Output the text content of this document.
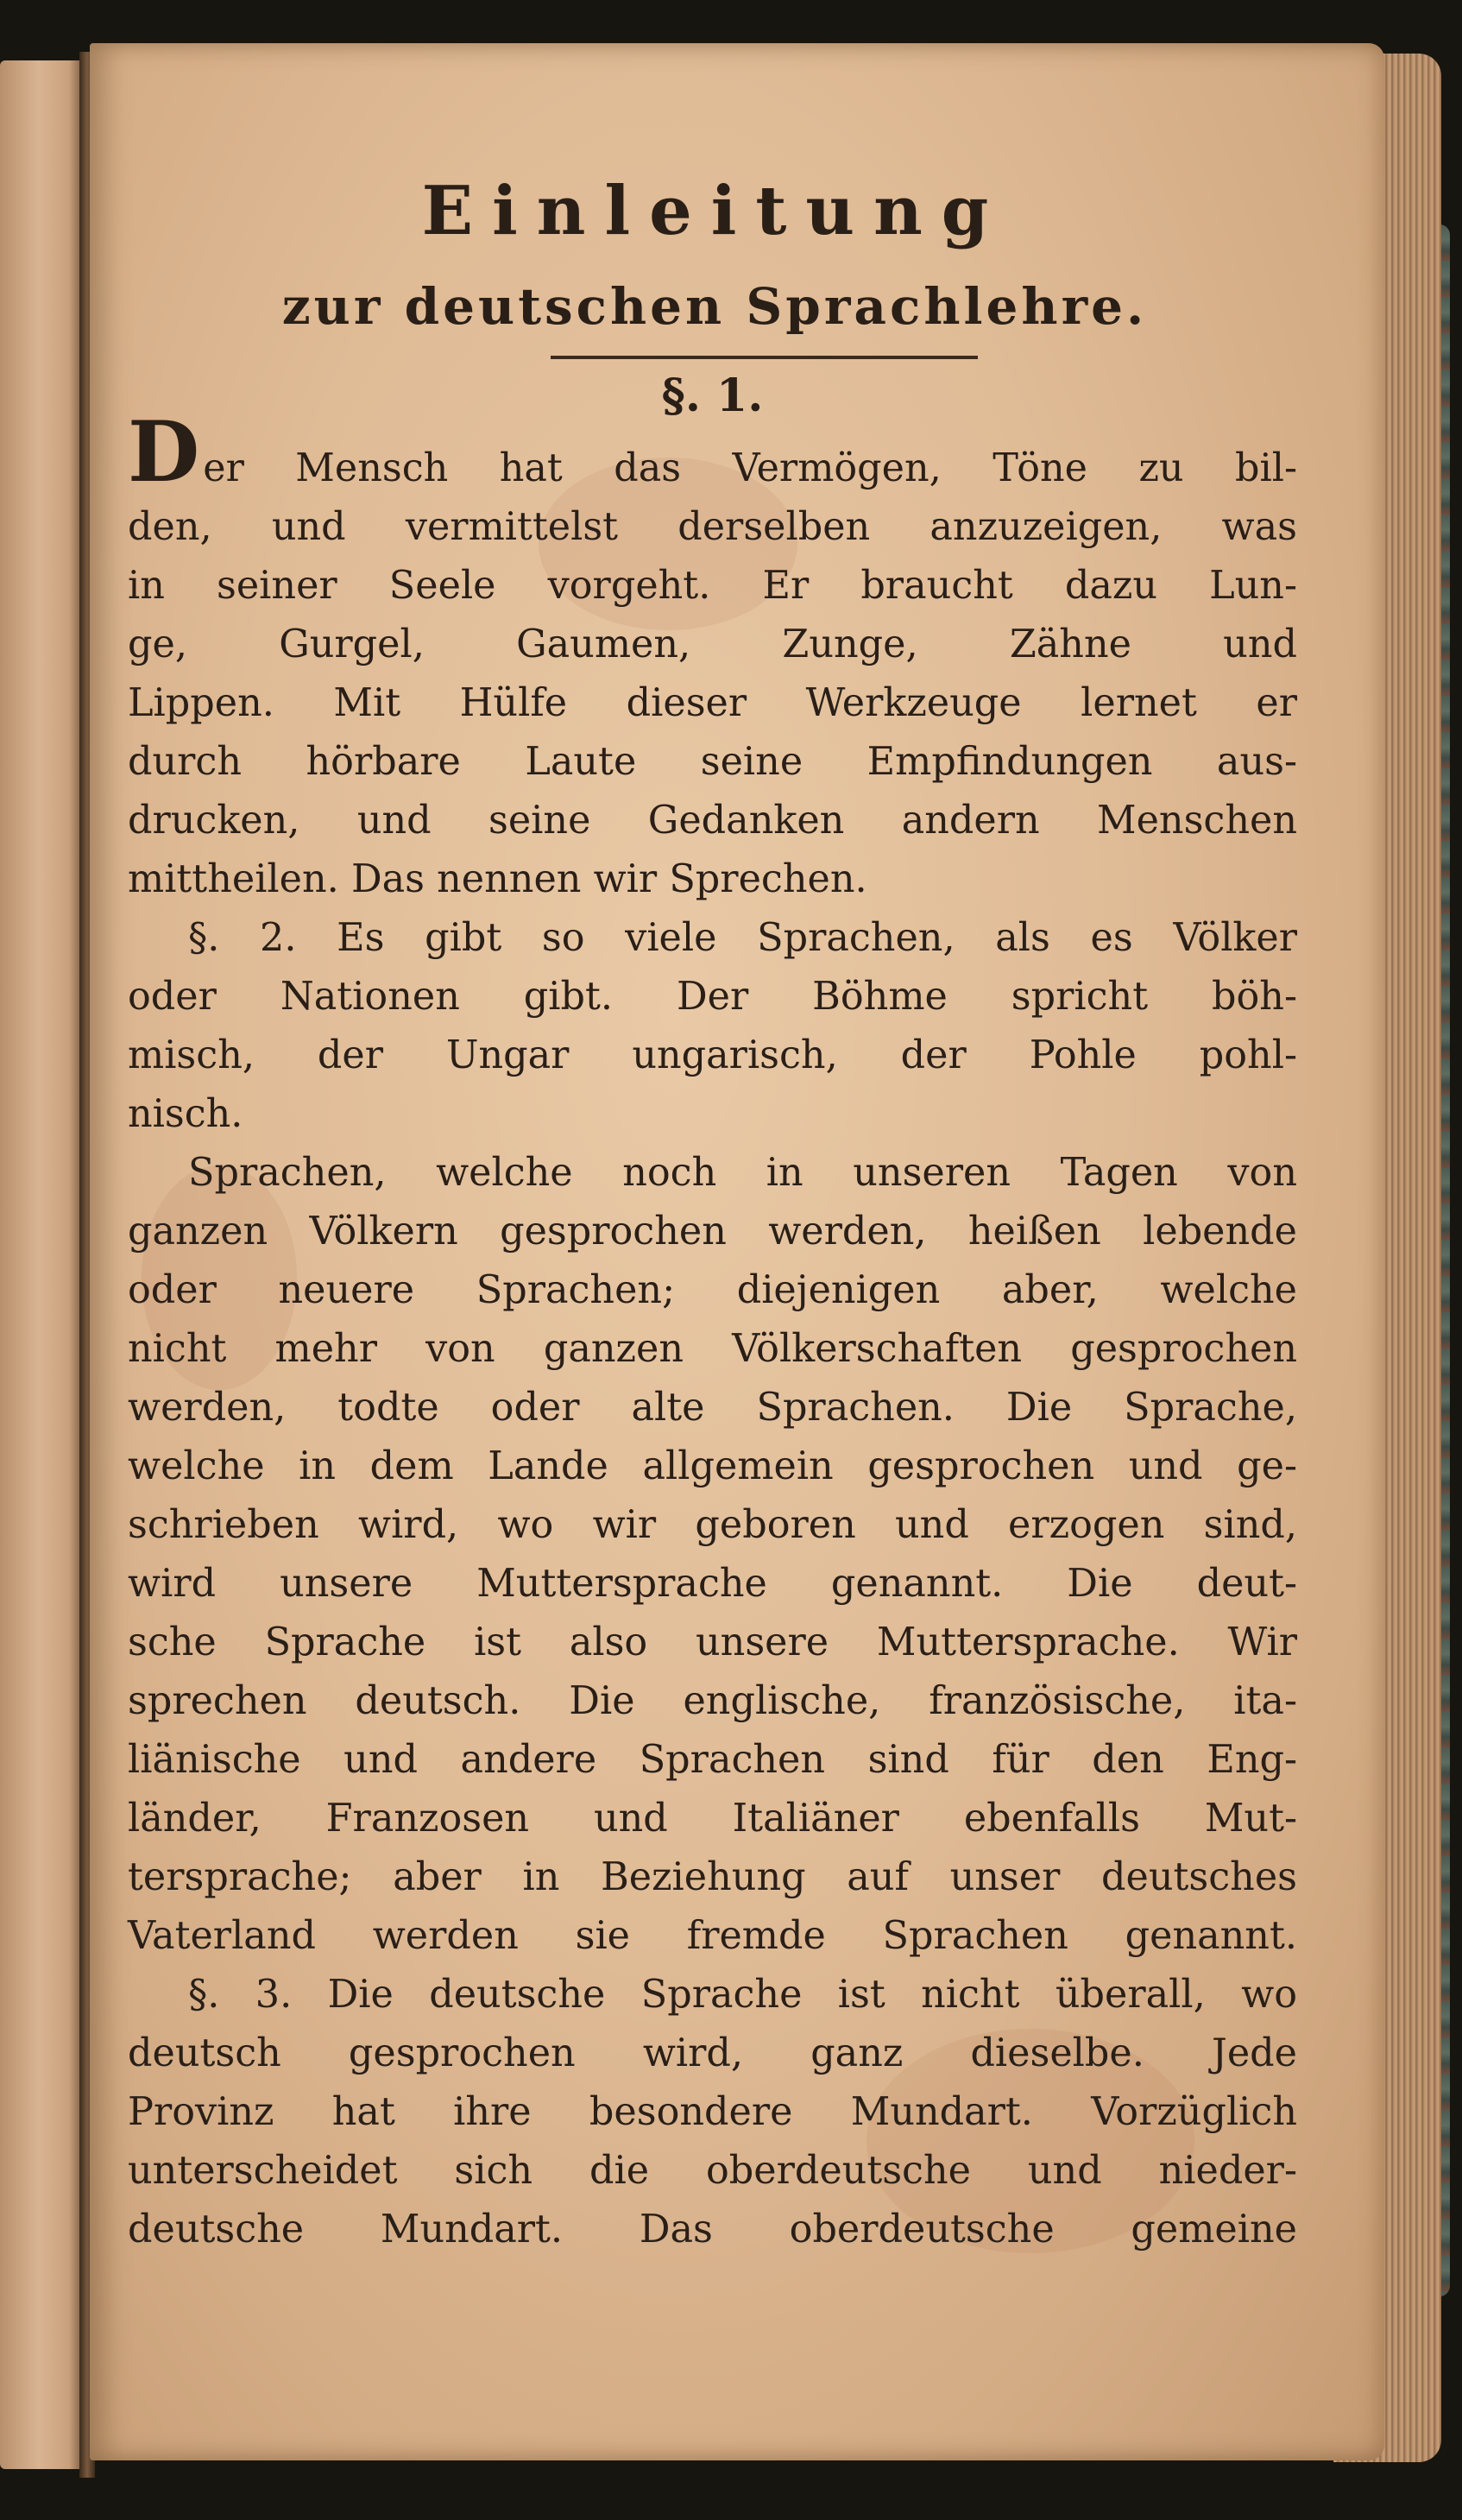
Einleitung
zur deutschen Sprachlehre.
§. 1.
Der Mensch hat das Vermögen, Töne zu bil-
den, und vermittelst derselben anzuzeigen, was
in seiner Seele vorgeht. Er braucht dazu Lun-
ge, Gurgel, Gaumen, Zunge, Zähne und
Lippen. Mit Hülfe dieser Werkzeuge lernet er
durch hörbare Laute seine Empfindungen aus-
drucken, und seine Gedanken andern Menschen
mittheilen. Das nennen wir Sprechen.
§. 2. Es gibt so viele Sprachen, als es Völker
oder Nationen gibt. Der Böhme spricht böh-
misch, der Ungar ungarisch, der Pohle pohl-
nisch.
Sprachen, welche noch in unseren Tagen von
ganzen Völkern gesprochen werden, heißen lebende
oder neuere Sprachen; diejenigen aber, welche
nicht mehr von ganzen Völkerschaften gesprochen
werden, todte oder alte Sprachen. Die Sprache,
welche in dem Lande allgemein gesprochen und ge-
schrieben wird, wo wir geboren und erzogen sind,
wird unsere Muttersprache genannt. Die deut-
sche Sprache ist also unsere Muttersprache. Wir
sprechen deutsch. Die englische, französische, ita-
liänische und andere Sprachen sind für den Eng-
länder, Franzosen und Italiäner ebenfalls Mut-
tersprache; aber in Beziehung auf unser deutsches
Vaterland werden sie fremde Sprachen genannt.
§. 3. Die deutsche Sprache ist nicht überall, wo
deutsch gesprochen wird, ganz dieselbe. Jede
Provinz hat ihre besondere Mundart. Vorzüglich
unterscheidet sich die oberdeutsche und nieder-
deutsche Mundart. Das oberdeutsche gemeine
